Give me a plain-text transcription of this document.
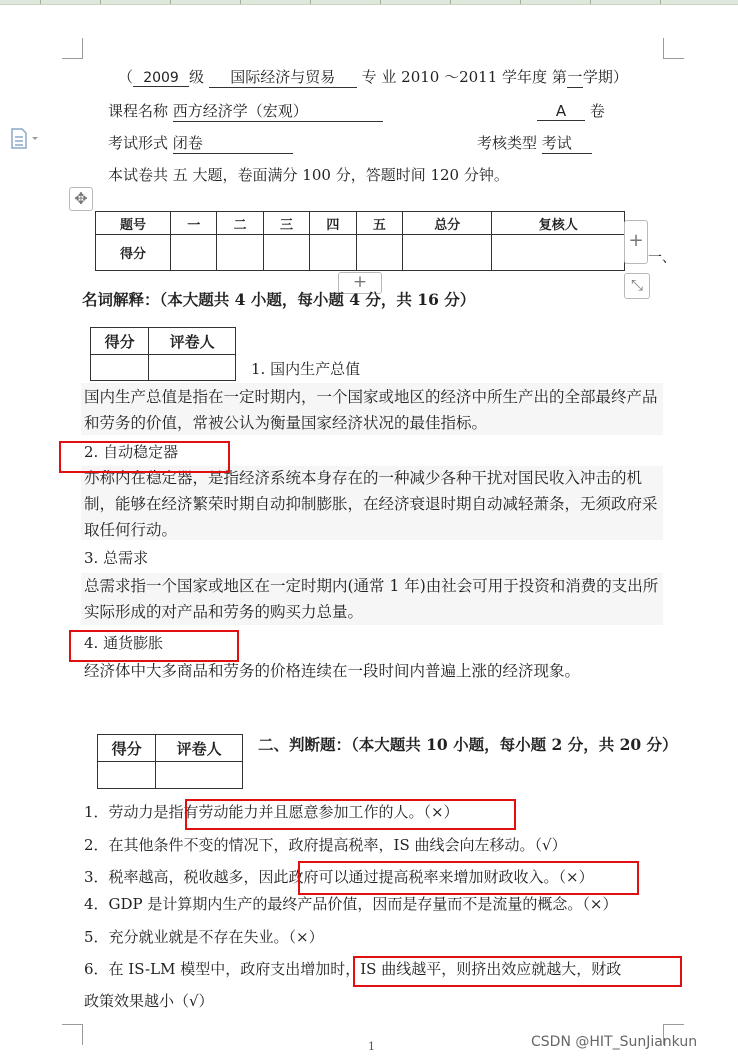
（ 2009 级 国际经济与贸易 专 业 2010 ～2011 学年度 第一学期）
课程名称 西方经济学（宏观）	A 卷
考试形式 闭卷	考核类型 考试
本试卷共 五 大题，卷面满分 100 分，答题时间 120 分钟。
✥
题号	一	二	三	四	五	总分	复核人
得分							
+
一、
+	⤡
名词解释：（本大题共 4 小题，每小题 4 分，共 16 分）
得分	评卷人

1. 国内生产总值
国内生产总值是指在一定时期内，一个国家或地区的经济中所生产出的全部最终产品和劳务的价值，常被公认为衡量国家经济状况的最佳指标。
2. 自动稳定器
亦称内在稳定器，是指经济系统本身存在的一种减少各种干扰对国民收入冲击的机制，能够在经济繁荣时期自动抑制膨胀，在经济衰退时期自动减轻萧条，无须政府采取任何行动。
3. 总需求
总需求指一个国家或地区在一定时期内(通常 1 年)由社会可用于投资和消费的支出所实际形成的对产品和劳务的购买力总量。
4. 通货膨胀
经济体中大多商品和劳务的价格连续在一段时间内普遍上涨的经济现象。
得分	评卷人
	二、判断题：（本大题共 10 小题，每小题 2 分，共 20 分）
1．劳动力是指有劳动能力并且愿意参加工作的人。（×）
2．在其他条件不变的情况下，政府提高税率，IS 曲线会向左移动。（√）
3．税率越高，税收越多，因此政府可以通过提高税率来增加财政收入。（×）
4．GDP 是计算期内生产的最终产品价值，因而是存量而不是流量的概念。（×）
5．充分就业就是不存在失业。（×）
6．在 IS-LM 模型中，政府支出增加时，IS 曲线越平，则挤出效应就越大，财政
政策效果越小（√）
1	CSDN @HIT_SunJiankun
